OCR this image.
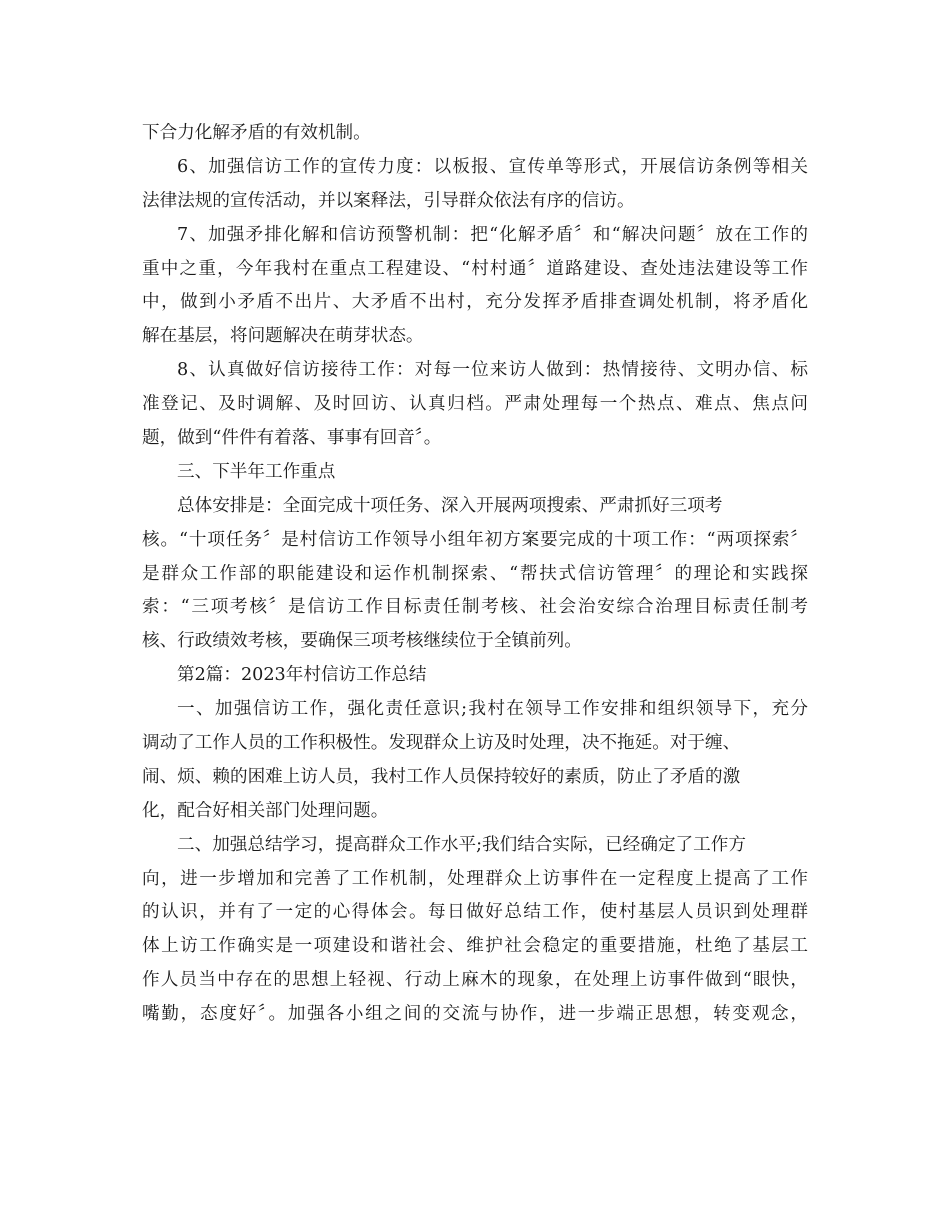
下合力化解矛盾的有效机制。
6、加强信访工作的宣传力度：以板报、宣传单等形式，开展信访条例等相关
法律法规的宣传活动，并以案释法，引导群众依法有序的信访。
7、加强矛排化解和信访预警机制：把“化解矛盾〞和“解决问题〞放在工作的
重中之重，今年我村在重点工程建设、“村村通〞道路建设、查处违法建设等工作
中，做到小矛盾不出片、大矛盾不出村，充分发挥矛盾排查调处机制，将矛盾化
解在基层，将问题解决在萌芽状态。
8、认真做好信访接待工作：对每一位来访人做到：热情接待、文明办信、标
准登记、及时调解、及时回访、认真归档。严肃处理每一个热点、难点、焦点问
题，做到“件件有着落、事事有回音〞。
三、下半年工作重点
总体安排是：全面完成十项任务、深入开展两项搜索、严肃抓好三项考
核。“十项任务〞是村信访工作领导小组年初方案要完成的十项工作：“两项探索〞
是群众工作部的职能建设和运作机制探索、“帮扶式信访管理〞的理论和实践探
索：“三项考核〞是信访工作目标责任制考核、社会治安综合治理目标责任制考
核、行政绩效考核，要确保三项考核继续位于全镇前列。
第2篇：2023年村信访工作总结
一、加强信访工作，强化责任意识;我村在领导工作安排和组织领导下，充分
调动了工作人员的工作积极性。发现群众上访及时处理，决不拖延。对于缠、
闹、烦、赖的困难上访人员，我村工作人员保持较好的素质，防止了矛盾的激
化，配合好相关部门处理问题。
二、加强总结学习，提高群众工作水平;我们结合实际，已经确定了工作方
向，进一步增加和完善了工作机制，处理群众上访事件在一定程度上提高了工作
的认识，并有了一定的心得体会。每日做好总结工作，使村基层人员识到处理群
体上访工作确实是一项建设和谐社会、维护社会稳定的重要措施，杜绝了基层工
作人员当中存在的思想上轻视、行动上麻木的现象，在处理上访事件做到“眼快，
嘴勤，态度好〞。加强各小组之间的交流与协作，进一步端正思想，转变观念，
